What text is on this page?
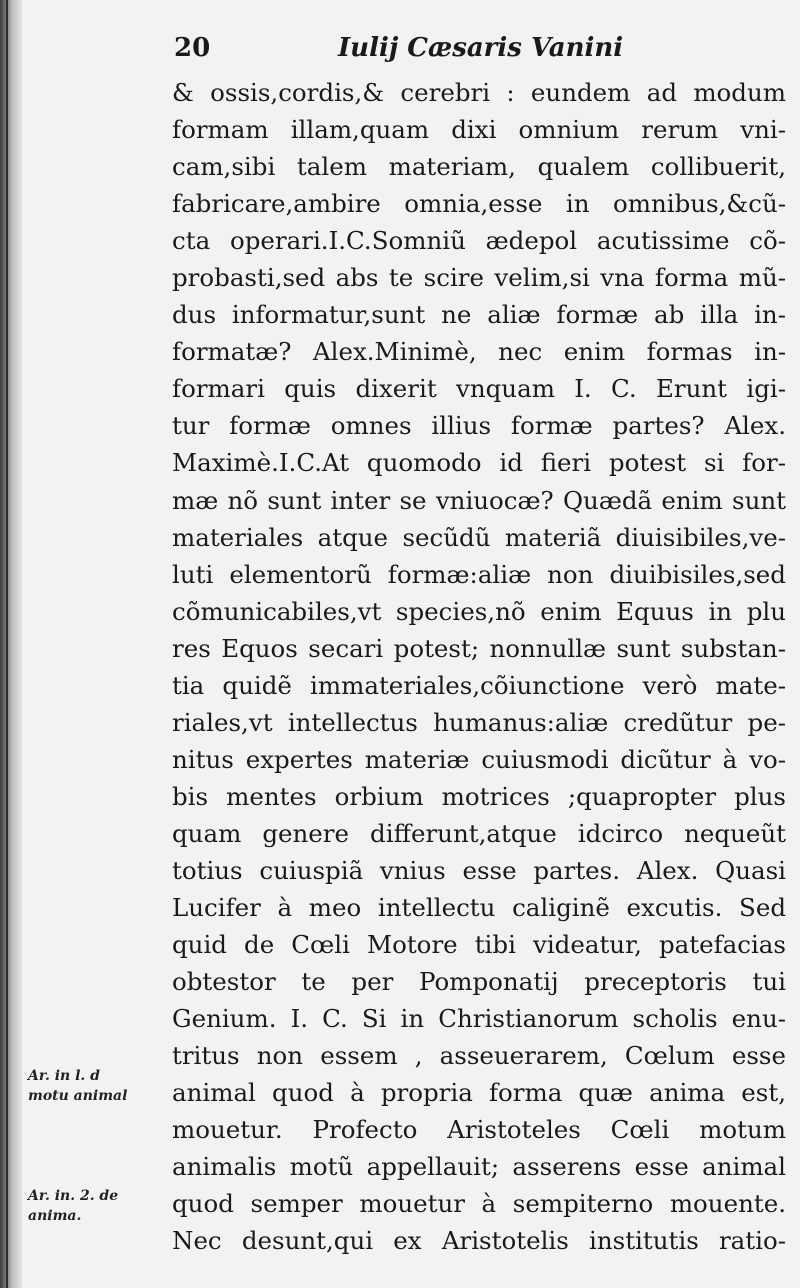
20	Iulij Cæsaris Vanini
& ossis,cordis,& cerebri : eundem ad modum
formam illam,quam dixi omnium rerum vni-
cam,sibi talem materiam, qualem collibuerit,
fabricare,ambire omnia,esse in omnibus,&cũ-
cta operari.I.C.Somniũ ædepol acutissime cõ-
probasti,sed abs te scire velim,si vna forma mũ-
dus informatur,sunt ne aliæ formæ ab illa in-
formatæ? Alex.Minimè, nec enim formas in-
formari quis dixerit vnquam I. C. Erunt igi-
tur formæ omnes illius formæ partes? Alex.
Maximè.I.C.At quomodo id fieri potest si for-
mæ nõ sunt inter se vniuocæ? Quædã enim sunt
materiales atque secũdũ materiã diuisibiles,ve-
luti elementorũ formæ:aliæ non diuibisiles,sed
cõmunicabiles,vt species,nõ enim Equus in plu
res Equos secari potest; nonnullæ sunt substan-
tia quidẽ immateriales,cõiunctione verò mate-
riales,vt intellectus humanus:aliæ credũtur pe-
nitus expertes materiæ cuiusmodi dicũtur à vo-
bis mentes orbium motrices ;quapropter plus
quam genere differunt,atque idcirco nequeũt
totius cuiuspiã vnius esse partes. Alex. Quasi
Lucifer à meo intellectu caliginẽ excutis. Sed
quid de Cœli Motore tibi videatur, patefacias
obtestor te per Pomponatij preceptoris tui
Genium. I. C. Si in Christianorum scholis enu-
tritus non essem , asseuerarem, Cœlum esse
animal quod à propria forma quæ anima est,
mouetur. Profecto Aristoteles Cœli motum
animalis motũ appellauit; asserens esse animal
quod semper mouetur à sempiterno mouente.
Nec desunt,qui ex Aristotelis institutis ratio-
Ar. in l. d
motu animal
Ar. in. 2. de
anima.
